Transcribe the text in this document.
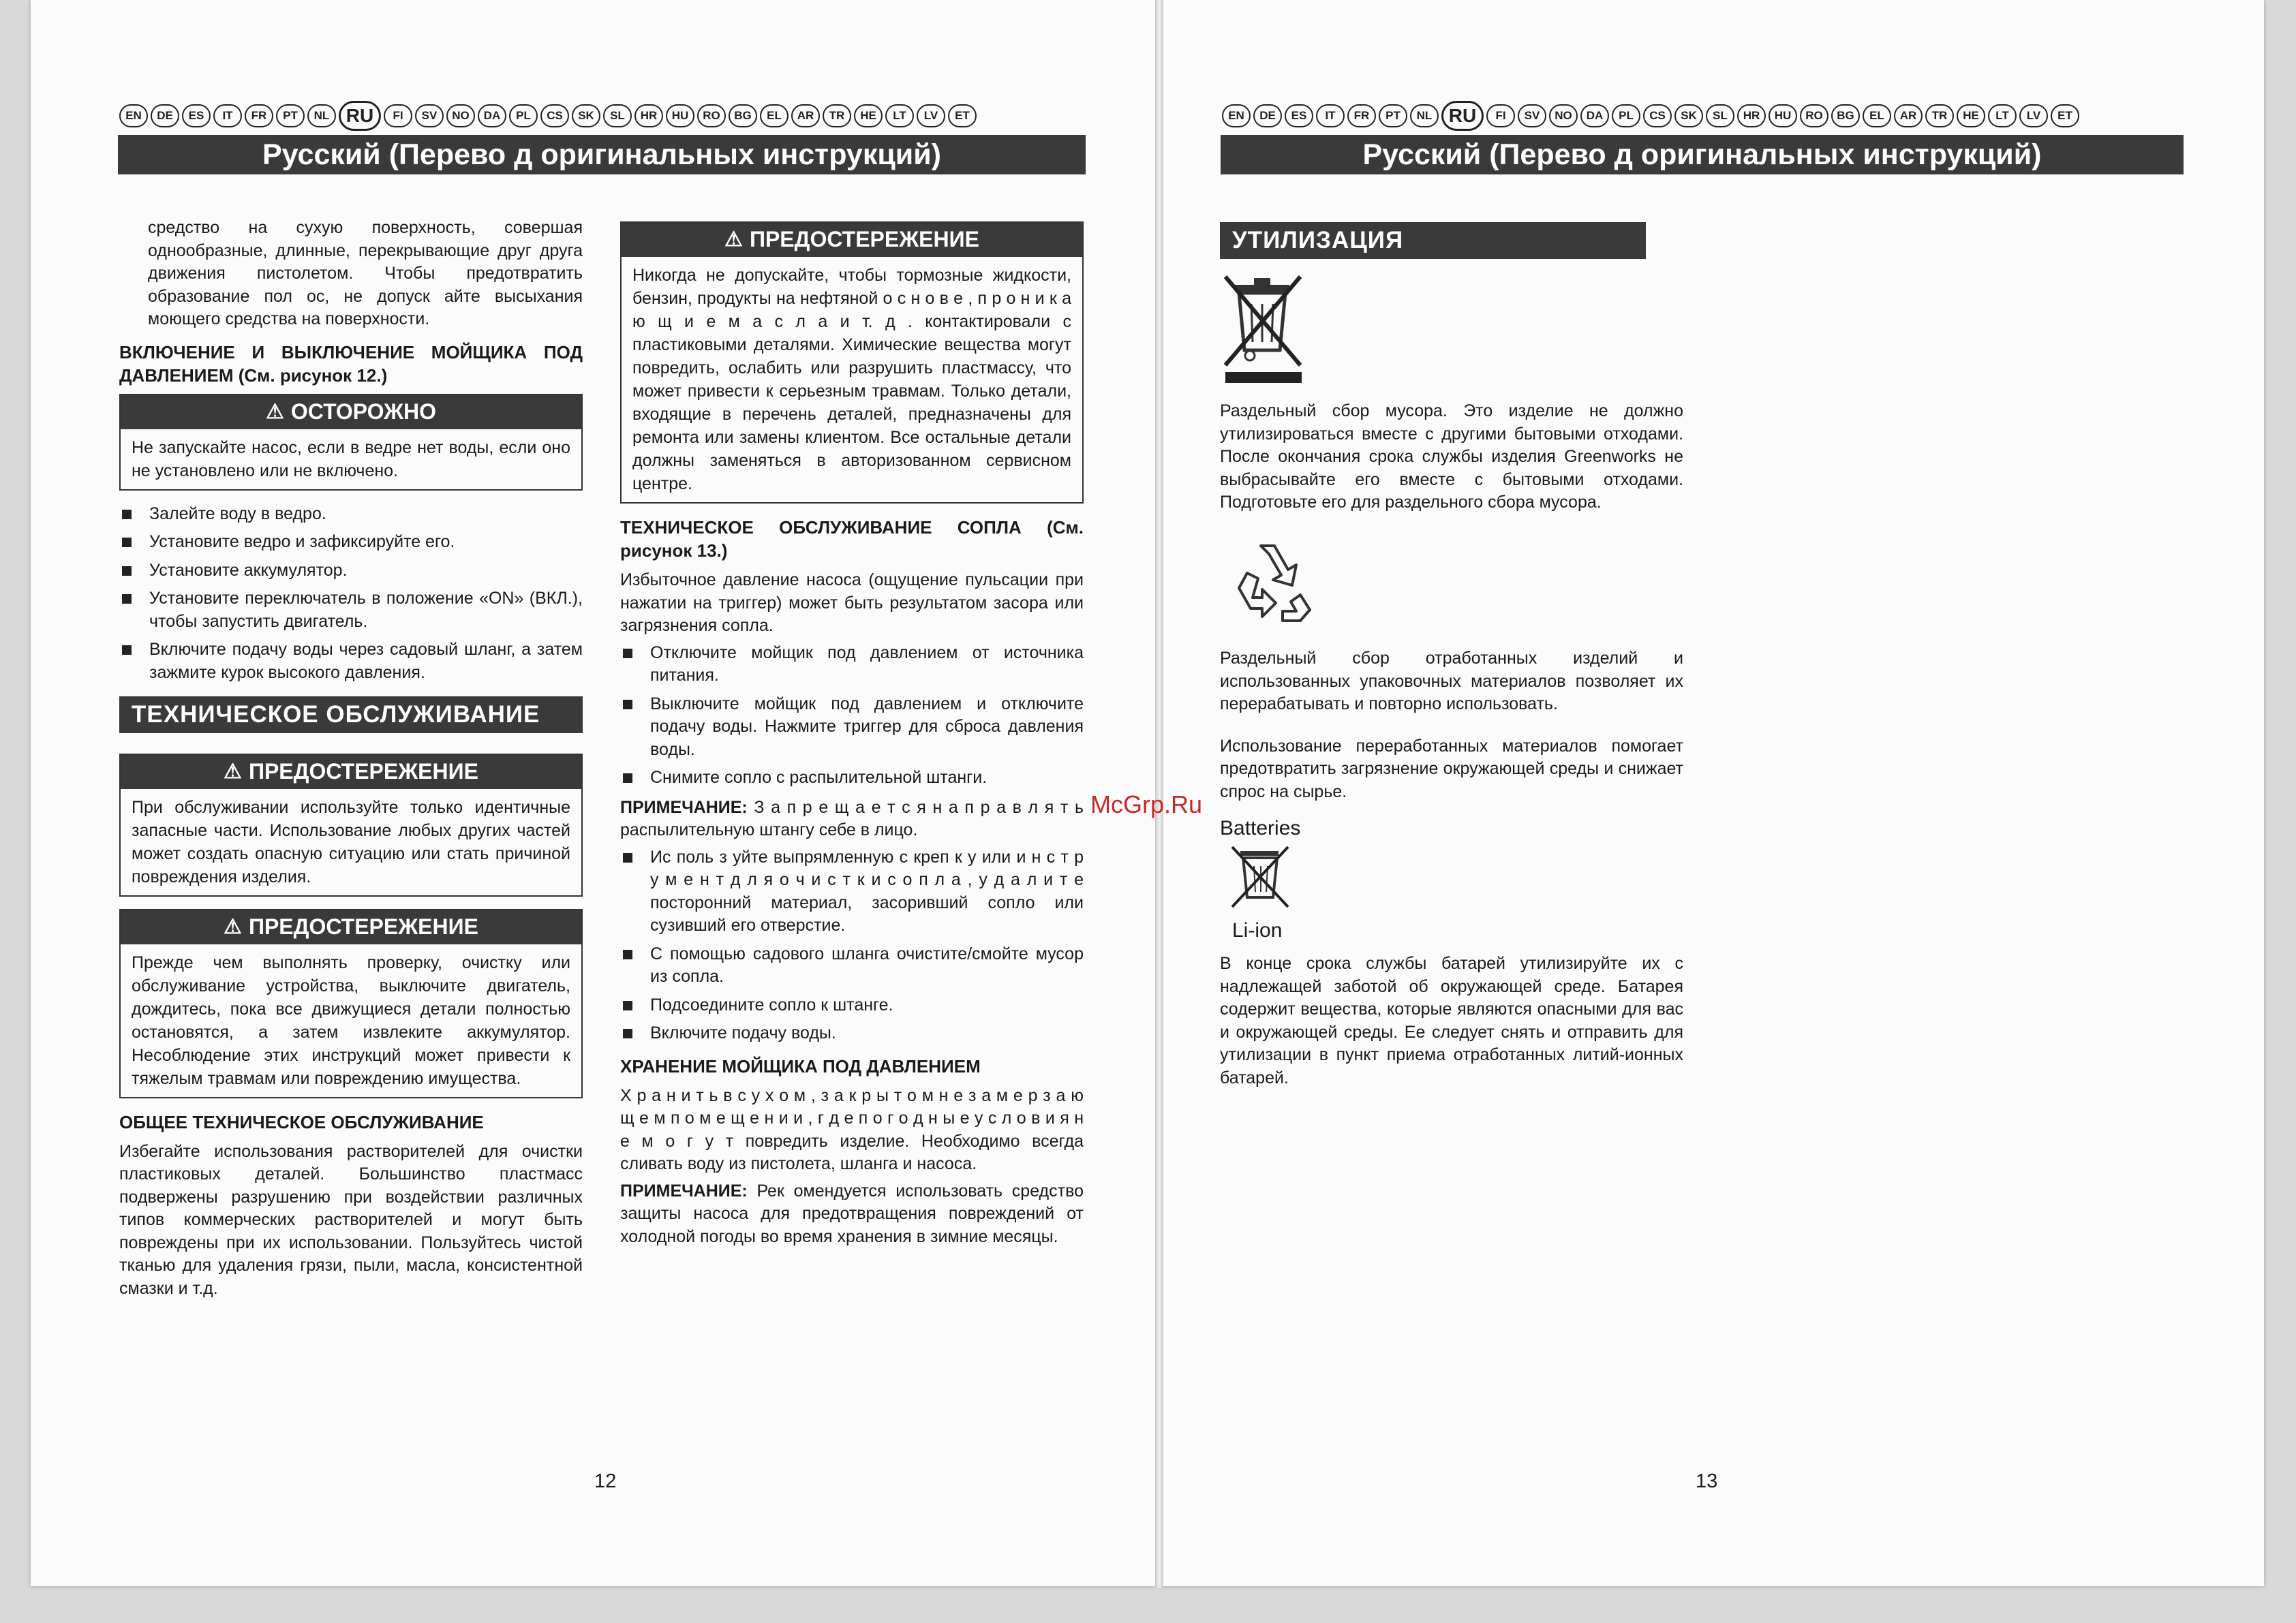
EN	DE	ES	IT	FR	PT	NL RU	FI	SV	NO	DA	PL	CS	SK	SL	HR	HU	RO	BG	EL	AR	TR	HE	LT	LV	ET
Русский (Перево д оригинальных инструкций)

средство на сухую поверхность, совершая однообразные, длинные, перекрывающие друг друга движения пистолетом. Чтобы предотвратить образование пол ос, не допуск айте высыхания моющего средства на поверхности.

ВКЛЮЧЕНИЕ И ВЫКЛЮЧЕНИЕ МОЙЩИКА ПОД ДАВЛЕНИЕМ (См. рисунок 12.)
⚠ ОСТОРОЖНО
Не запускайте насос, если в ведре нет воды, если оно не установлено или не включено.
Залейте воду в ведро.
Установите ведро и зафиксируйте его.
Установите аккумулятор.
Установите переключатель в положение «ON» (ВКЛ.), чтобы запустить двигатель.
Включите подачу воды через садовый шланг, а затем зажмите курок высокого давления.
ТЕХНИЧЕСКОЕ ОБСЛУЖИВАНИЕ
⚠ ПРЕДОСТЕРЕЖЕНИЕ
При обслуживании используйте только идентичные запасные части. Использование любых других частей может создать опасную ситуацию или стать причиной повреждения изделия.
⚠ ПРЕДОСТЕРЕЖЕНИЕ
Прежде чем выполнять проверку, очистку или обслуживание устройства, выключите двигатель, дождитесь, пока все движущиеся детали полностью остановятся, а затем извлеките аккумулятор. Несоблюдение этих инструкций может привести к тяжелым травмам или повреждению имущества.
ОБЩЕЕ ТЕХНИЧЕСКОЕ ОБСЛУЖИВАНИЕ

Избегайте использования растворителей для очистки пластиковых деталей. Большинство пластмасс подвержены разрушению при воздействии различных типов коммерческих растворителей и могут быть повреждены при их использовании. Пользуйтесь чистой тканью для удаления грязи, пыли, масла, консистентной смазки и т.д.

⚠ ПРЕДОСТЕРЕЖЕНИЕ
Никогда не допускайте, чтобы тормозные жидкости, бензин, продукты на нефтяной о с н о в е , п р о н и к а ю щ и е м а с л а и т. д . контактировали с пластиковыми деталями. Химические вещества могут повредить, ослабить или разрушить пластмассу, что может привести к серьезным травмам. Только детали, входящие в перечень деталей, предназначены для ремонта или замены клиентом. Все остальные детали должны заменяться в авторизованном сервисном центре.
ТЕХНИЧЕСКОЕ ОБСЛУЖИВАНИЕ СОПЛА (См. рисунок 13.)

Избыточное давление насоса (ощущение пульсации при нажатии на триггер) может быть результатом засора или загрязнения сопла.

Отключите мойщик под давлением от источника питания.
Выключите мойщик под давлением и отключите подачу воды. Нажмите триггер для сброса давления воды.
Снимите сопло с распылительной штанги.

ПРИМЕЧАНИЕ: З а п р е щ а е т с я н а п р а в л я т ь распылительную штангу себе в лицо.

Ис поль з уйте выпрямленную с креп к у или и н с т р у м е н т д л я о ч и с т к и с о п л а , у д а л и т е посторонний материал, засоривший сопло или сузивший его отверстие.
С помощью садового шланга очистите/смойте мусор из сопла.
Подсоедините сопло к штанге.
Включите подачу воды.
ХРАНЕНИЕ МОЙЩИКА ПОД ДАВЛЕНИЕМ

Х р а н и т ь в с у х о м , з а к р ы т о м н е з а м е р з а ю щ е м п о м е щ е н и и , г д е п о г о д н ы е у с л о в и я н е м о г у т повредить изделие. Необходимо всегда сливать воду из пистолета, шланга и насоса.

ПРИМЕЧАНИЕ: Рек омендуется использовать средство защиты насоса для предотвращения повреждений от холодной погоды во время хранения в зимние месяцы.

12
EN	DE	ES	IT	FR	PT	NL RU	FI	SV	NO	DA	PL	CS	SK	SL	HR	HU	RO	BG	EL	AR	TR	HE	LT	LV	ET
Русский (Перево д оригинальных инструкций)
УТИЛИЗАЦИЯ

Раздельный сбор мусора. Это изделие не должно утилизироваться вместе с другими бытовыми отходами. После окончания срока службы изделия Greenworks не выбрасывайте его вместе с бытовыми отходами. Подготовьте его для раздельного сбора мусора.

Раздельный сбор отработанных изделий и использованных упаковочных материалов позволяет их перерабатывать и повторно использовать.

Использование переработанных материалов помогает предотвратить загрязнение окружающей среды и снижает спрос на сырье.

Batteries
Li-ion

В конце срока службы батарей утилизируйте их с надлежащей заботой об окружающей среде. Батарея содержит вещества, которые являются опасными для вас и окружающей среды. Ее следует снять и отправить для утилизации в пункт приема отработанных литий-ионных батарей.

13
McGrp.Ru
